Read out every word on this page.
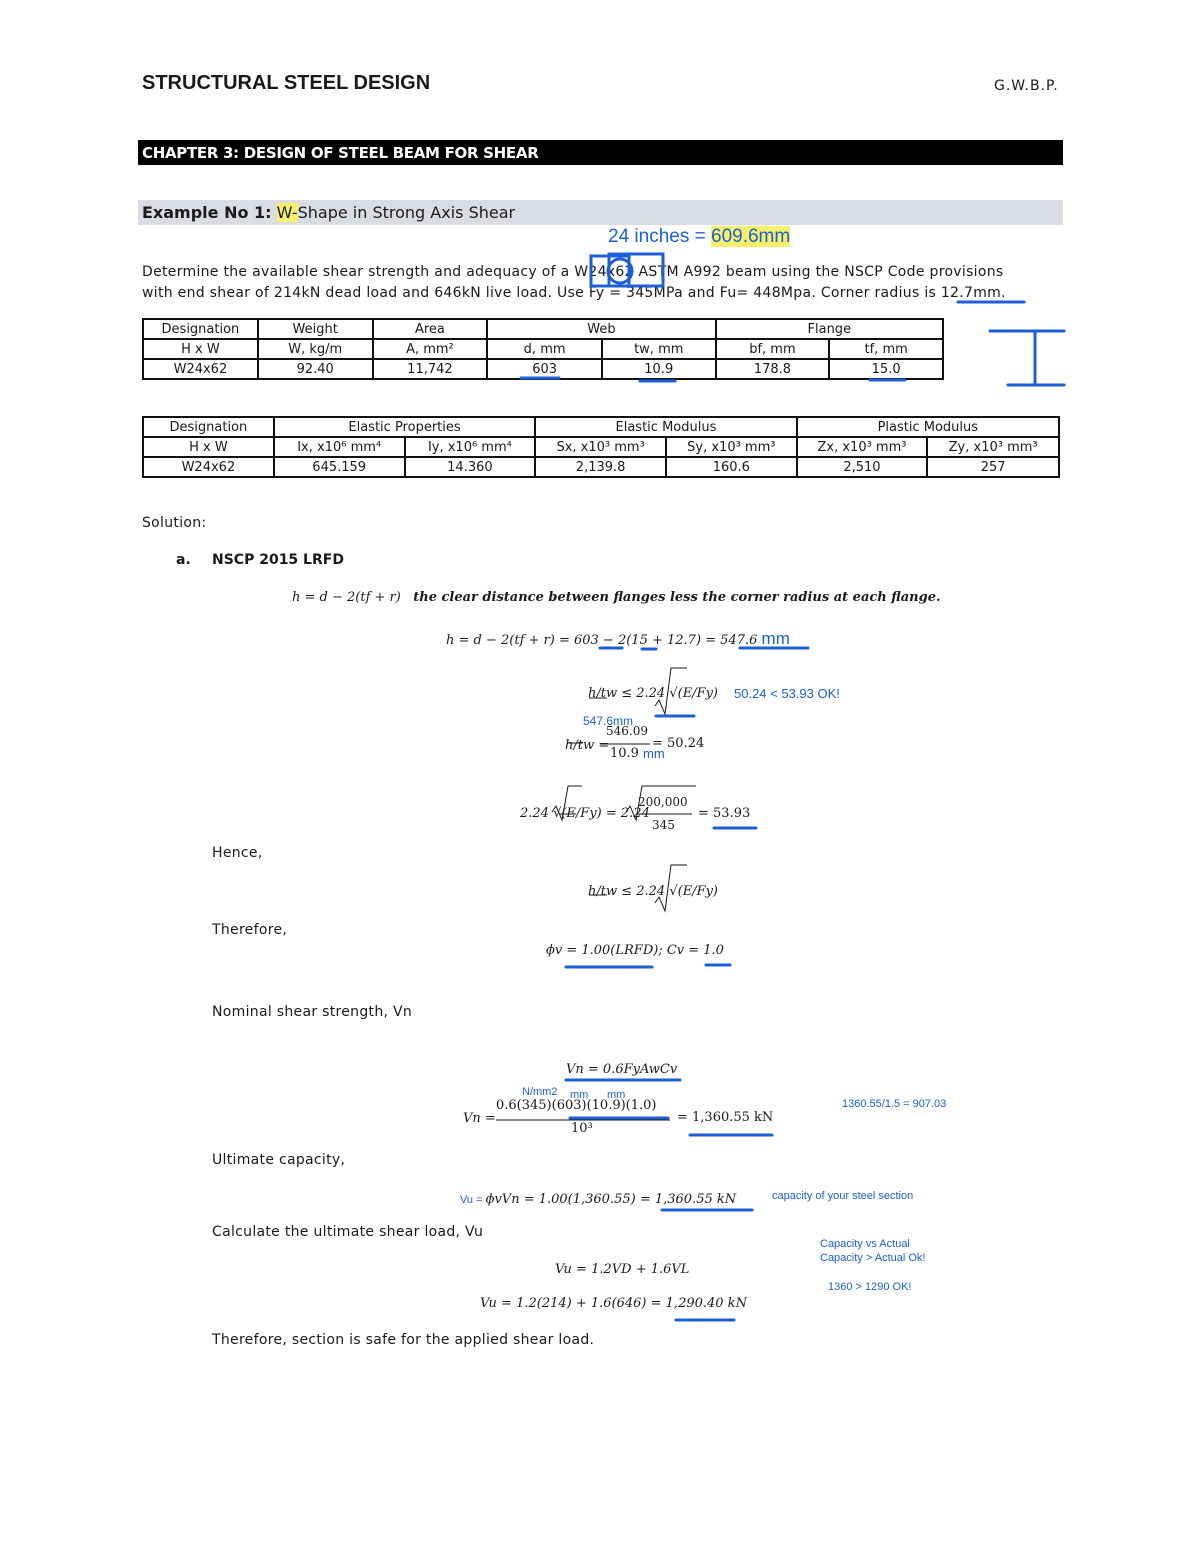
STRUCTURAL STEEL DESIGN	G.W.B.P.
CHAPTER 3: DESIGN OF STEEL BEAM FOR SHEAR
Example No 1: W-Shape in Strong Axis Shear
24 inches = 609.6mm
Determine the available shear strength and adequacy of a W24x62 ASTM A992 beam using the NSCP Code provisions
with end shear of 214kN dead load and 646kN live load. Use Fy = 345MPa and Fu= 448Mpa. Corner radius is 12.7mm.
Designation	Weight	Area	Web		Flange	
H x W	W, kg/m	A, mm²	d, mm	tw, mm	bf, mm	tf, mm
W24x62	92.40	11,742	603	10.9	178.8	15.0
Designation	Elastic Properties		Elastic Modulus		Plastic Modulus	
H x W	Ix, x10⁶ mm⁴	Iy, x10⁶ mm⁴	Sx, x10³ mm³	Sy, x10³ mm³	Zx, x10³ mm³	Zy, x10³ mm³
W24x62	645.159	14.360	2,139.8	160.6	2,510	257
Solution:
a. NSCP 2015 LRFD
h = d − 2(tf + r) the clear distance between flanges less the corner radius at each flange.
h = d − 2(tf + r) = 603 − 2(15 + 12.7) = 547.6 mm
h/tw ≤ 2.24 √(E/Fy) 50.24 < 53.93 OK!
547.6mm
h/tw =
546.09
10.9 mm
= 50.24
2.24 √(E/Fy) = 2.24
200,000
345
= 53.93
Hence,
h/tw ≤ 2.24 √(E/Fy)
Therefore,
ϕv = 1.00(LRFD); Cv = 1.0
Nominal shear strength, Vn
Vn = 0.6FyAwCv
N/mm2 mm mm
Vn =
0.6(345)(603)(10.9)(1.0)
10³
= 1,360.55 kN
1360.55/1.5 = 907.03
Ultimate capacity,
Vu = ϕvVn = 1.00(1,360.55) = 1,360.55 kN	capacity of your steel section
Calculate the ultimate shear load, Vu
Capacity vs Actual
Capacity > Actual Ok!
Vu = 1.2VD + 1.6VL
1360 > 1290 OK!
Vu = 1.2(214) + 1.6(646) = 1,290.40 kN
Therefore, section is safe for the applied shear load.
